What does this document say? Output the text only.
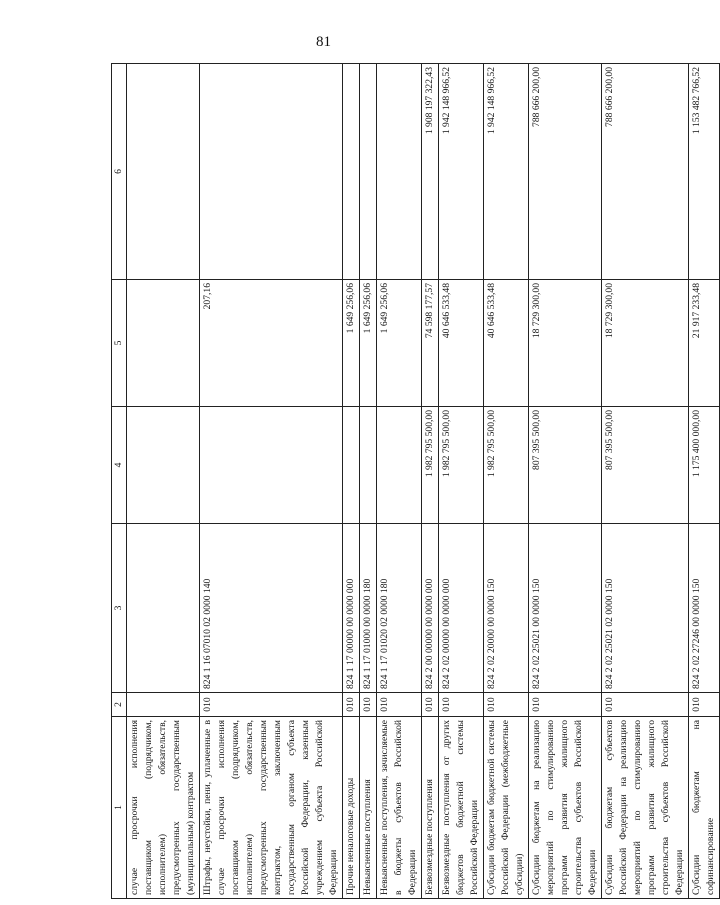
81
1	2	3	4	5	6
случае просрочки исполнения поставщиком (подрядчиком, исполнителем) обязательств, предусмотренных государственным (муниципальным) контрактом					
Штрафы, неустойки, пени, уплаченные в случае просрочки исполнения поставщиком (подрядчиком, исполнителем) обязательств, предусмотренных государственным контрактом, заключенным государственным органом субъекта Российской Федерации, казенным учреждением субъекта Российской Федерации	010	824 1 16 07010 02 0000 140		207,16	
Прочие неналоговые доходы	010	824 1 17 00000 00 0000 000		1 649 256,06	
Невыясненные поступления	010	824 1 17 01000 00 0000 180		1 649 256,06	
Невыясненные поступления, зачисляемые в бюджеты субъектов Российской Федерации	010	824 1 17 01020 02 0000 180		1 649 256,06	
Безвозмездные поступления	010	824 2 00 00000 00 0000 000	1 982 795 500,00	74 598 177,57	1 908 197 322,43
Безвозмездные поступления от других бюджетов бюджетной системы Российской Федерации	010	824 2 02 00000 00 0000 000	1 982 795 500,00	40 646 533,48	1 942 148 966,52
Субсидии бюджетам бюджетной системы Российской Федерации (межбюджетные субсидии)	010	824 2 02 20000 00 0000 150	1 982 795 500,00	40 646 533,48	1 942 148 966,52
Субсидии бюджетам на реализацию мероприятий по стимулированию программ развития жилищного строительства субъектов Российской Федерации	010	824 2 02 25021 00 0000 150	807 395 500,00	18 729 300,00	788 666 200,00
Субсидии бюджетам субъектов Российской Федерации на реализацию мероприятий по стимулированию программ развития жилищного строительства субъектов Российской Федерации	010	824 2 02 25021 02 0000 150	807 395 500,00	18 729 300,00	788 666 200,00
Субсидии бюджетам на софинансирование	010	824 2 02 27246 00 0000 150	1 175 400 000,00	21 917 233,48	1 153 482 766,52
